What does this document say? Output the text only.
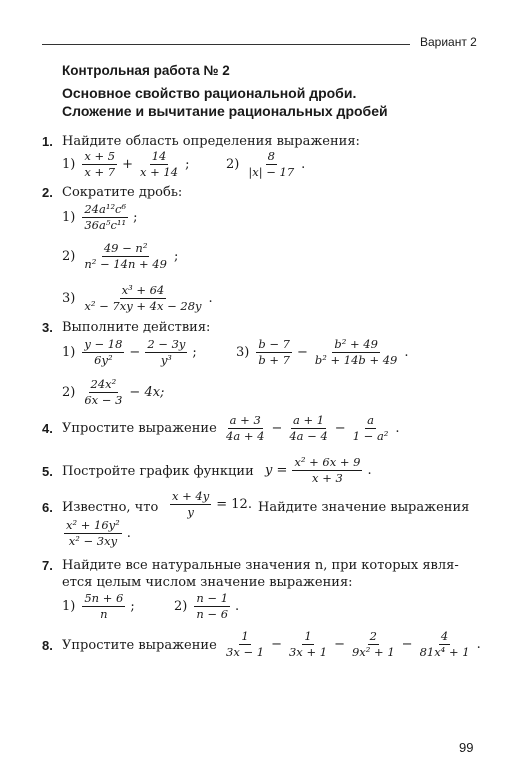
Вариант 2
Контрольная работа № 2
Основное свойство рациональной дроби.
Сложение и вычитание рациональных дробей
1. Найдите область определения выражения:
$1) \frac{x + 5}{x + 7} + \frac{14}{x + 14}$ ;	$2) \frac{8}{|x| - 17}$ .
2. Сократите дробь:
$1) \frac{\text{24a¹²c⁶}}{\text{36a⁵c¹¹}}$ ;
$2) \frac{\text{49 − n²}}{\text{n² − 14n + 49}}$ ;
$3) \frac{\text{x³ + 64}}{\text{x² − 7xy + 4x − 28y}}$ .
3. Выполните действия:
$1) \frac{y - 18}{\text{6y²}} - \frac{2 - 3y}{\text{y³}}$ ;	$3) \frac{b - 7}{b + 7} - \frac{\text{b² + 49}}{\text{b² + 14b + 49}}$ .
$2) \frac{\text{24x²}}{6x - 3} - 4x$;
4. Упростите выражение $\frac{a + 3}{4a + 4} - \frac{a + 1}{4a - 4} - \frac{a}{\text{1 − a²}}$ .
5. Постройте график функции $y = \frac{\text{x² + 6x + 9}}{x + 3}$ .
6. Известно, что $\frac{x + 4y}{y} = 12$. Найдите значение выражения
$\frac{\text{x² + 16y²}}{\text{x² − 3xy}}$ .
7. Найдите все натуральные значения n, при которых явля-
ется целым числом значение выражения:
$1) \frac{5n + 6}{n}$ ;	$2) \frac{n - 1}{n - 6}$ .
8. Упростите выражение $\frac{1}{3x - 1} - \frac{1}{3x + 1} - \frac{2}{\text{9x² + 1}} - \frac{4}{\text{81x⁴ + 1}}$ .
99
